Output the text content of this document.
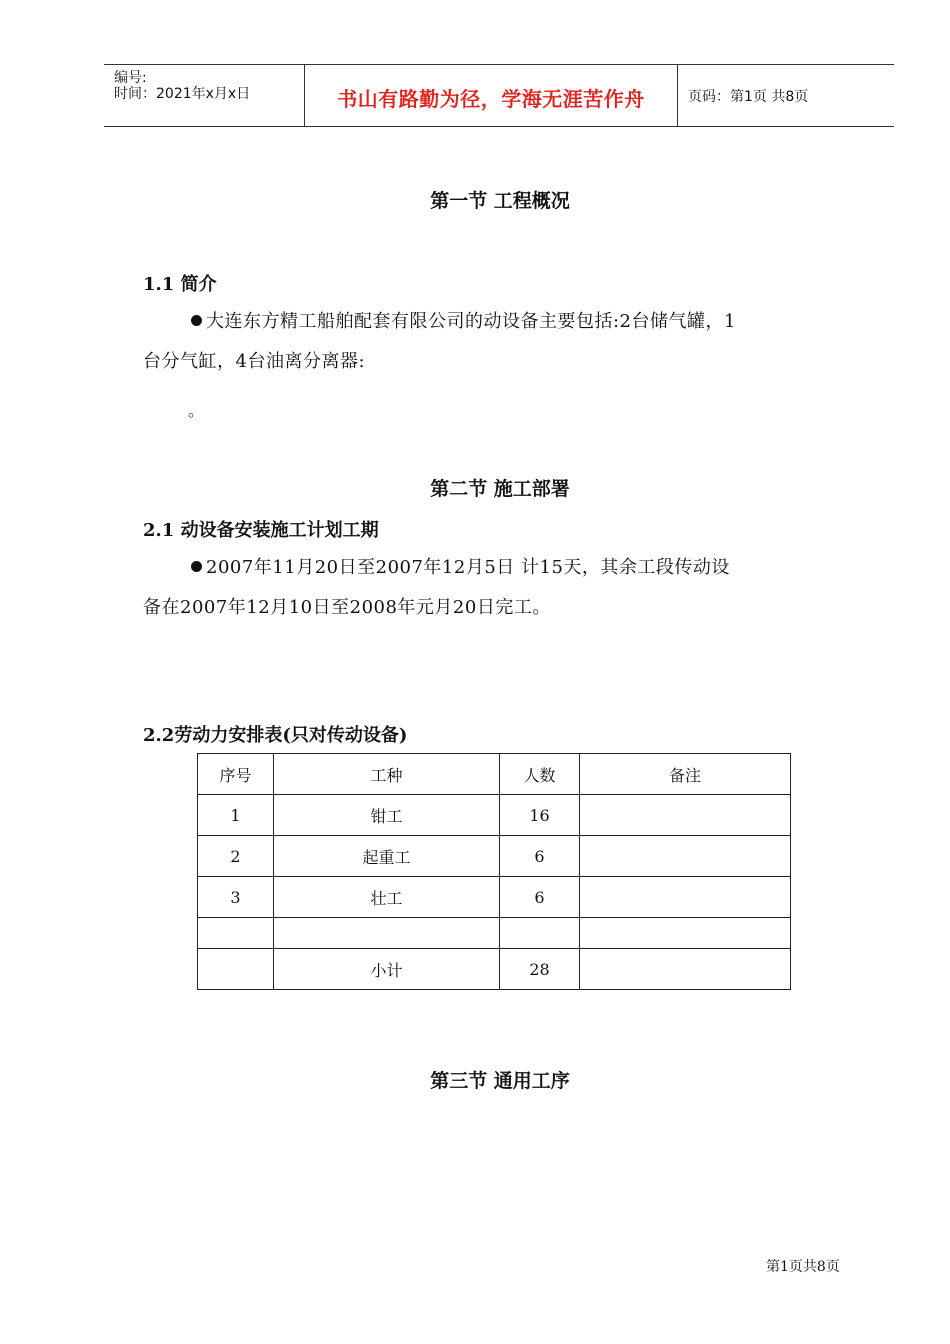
编号:
时间：2021年x月x日	书山有路勤为径，学海无涯苦作舟	页码：第1页 共8页
第一节 工程概况
1.1 简介
大连东方精工船舶配套有限公司的动设备主要包括:2台储气罐，1
台分气缸，4台油离分离器:
。
第二节 施工部署
2.1 动设备安装施工计划工期
2007年11月20日至2007年12月5日 计15天，其余工段传动设
备在2007年12月10日至2008年元月20日完工。
2.2劳动力安排表(只对传动设备)
序号	工种	人数	备注
1	钳工	16	
2	起重工	6	
3	壮工	6	

	小计	28	
第三节 通用工序
第1页共8页
